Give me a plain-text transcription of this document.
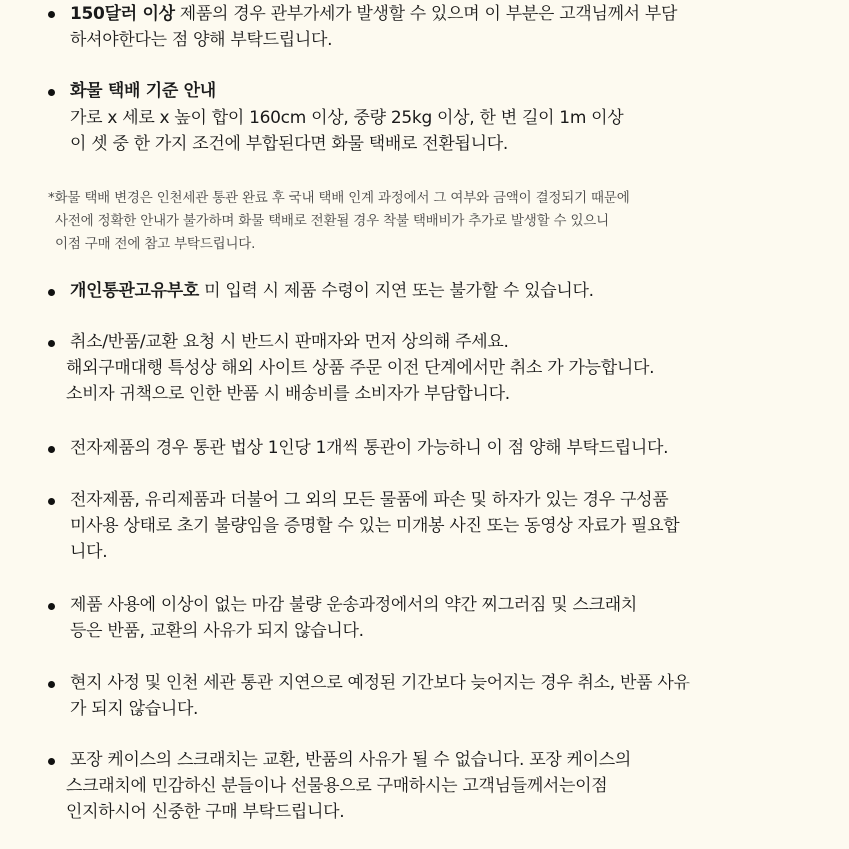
150달러 이상 제품의 경우 관부가세가 발생할 수 있으며 이 부분은 고객님께서 부담
하셔야한다는 점 양해 부탁드립니다.
화물 택배 기준 안내
가로 x 세로 x 높이 합이 160cm 이상, 중량 25kg 이상, 한 변 길이 1m 이상
이 셋 중 한 가지 조건에 부합된다면 화물 택배로 전환됩니다.
*화물 택배 변경은 인천세관 통관 완료 후 국내 택배 인계 과정에서 그 여부와 금액이 결정되기 때문에
사전에 정확한 안내가 불가하며 화물 택배로 전환될 경우 착불 택배비가 추가로 발생할 수 있으니
이점 구매 전에 참고 부탁드립니다.
개인통관고유부호 미 입력 시 제품 수령이 지연 또는 불가할 수 있습니다.
취소/반품/교환 요청 시 반드시 판매자와 먼저 상의해 주세요.
해외구매대행 특성상 해외 사이트 상품 주문 이전 단계에서만 취소 가 가능합니다.
소비자 귀책으로 인한 반품 시 배송비를 소비자가 부담합니다.
전자제품의 경우 통관 법상 1인당 1개씩 통관이 가능하니 이 점 양해 부탁드립니다.
전자제품, 유리제품과 더불어 그 외의 모든 물품에 파손 및 하자가 있는 경우 구성품
미사용 상태로 초기 불량임을 증명할 수 있는 미개봉 사진 또는 동영상 자료가 필요합
니다.
제품 사용에 이상이 없는 마감 불량 운송과정에서의 약간 찌그러짐 및 스크래치
등은 반품, 교환의 사유가 되지 않습니다.
현지 사정 및 인천 세관 통관 지연으로 예정된 기간보다 늦어지는 경우 취소, 반품 사유
가 되지 않습니다.
포장 케이스의 스크래치는 교환, 반품의 사유가 될 수 없습니다. 포장 케이스의
스크래치에 민감하신 분들이나 선물용으로 구매하시는 고객님들께서는이점
인지하시어 신중한 구매 부탁드립니다.
